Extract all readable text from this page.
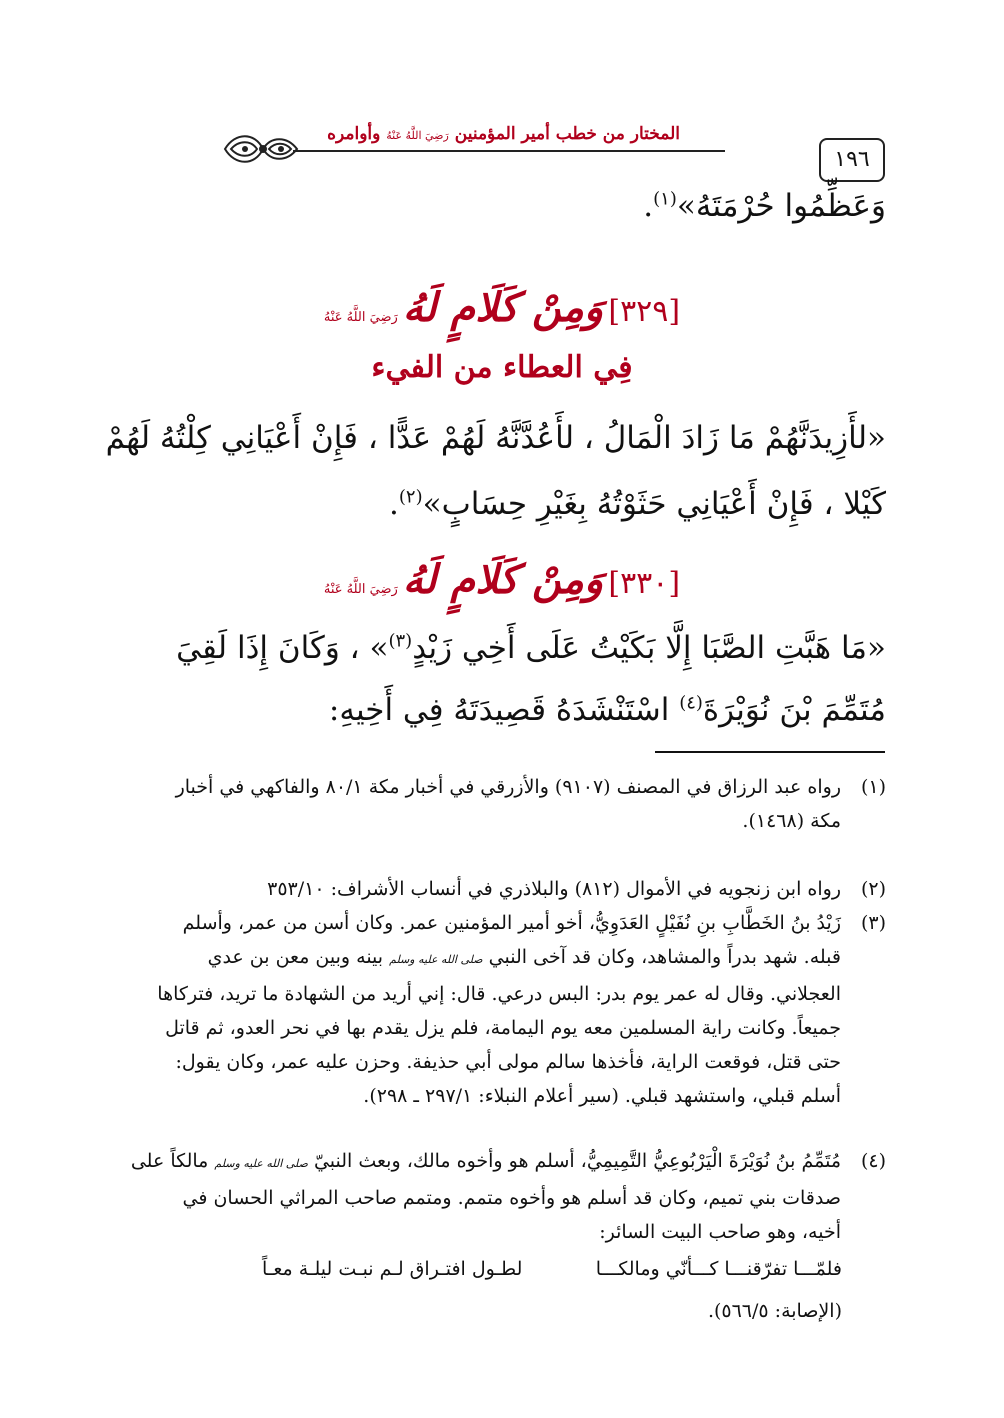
١٩٦
المختار من خطب أمير المؤمنين رَضِيَ اللَّهُ عَنْهُ وأوامره
وَعَظِّمُوا حُرْمَتَهُ»$^{(١)}$.
[٣٢٩] وَمِنْ كَلَامٍ لَهُ رَضِيَ اللَّهُ عَنْهُ
فِي العطاء من الفيء
«لأَزِيدَنَّهُمْ مَا زَادَ الْمَالُ ، لأَعُدَّنَّهُ لَهُمْ عَدًّا ، فَإِنْ أَعْيَانِي كِلْتُهُ لَهُمْ
كَيْلا ، فَإِنْ أَعْيَانِي حَثَوْتُهُ بِغَيْرِ حِسَابٍ»$^{(٢)}$.
[٣٣٠] وَمِنْ كَلَامٍ لَهُ رَضِيَ اللَّهُ عَنْهُ
«مَا هَبَّتِ الصَّبَا إِلَّا بَكَيْتُ عَلَى أَخِي زَيْدٍ$^{(٣)}$» ، وَكَانَ إِذَا لَقِيَ
مُتَمِّمَ بْنَ نُوَيْرَةَ$^{(٤)}$ اسْتَنْشَدَهُ قَصِيدَتَهُ فِي أَخِيهِ:
(١)
رواه عبد الرزاق في المصنف (٩١٠٧) والأزرقي في أخبار مكة ٨٠/١ والفاكهي في أخبار
مكة (١٤٦٨).
(٢)
رواه ابن زنجويه في الأموال (٨١٢) والبلاذري في أنساب الأشراف: ٣٥٣/١٠
(٣)
زَيْدُ بنُ الخَطَّابِ بنِ نُفَيْلٍ العَدَوِيُّ، أخو أمير المؤمنين عمر. وكان أسن من عمر، وأسلم
قبله. شهد بدراً والمشاهد، وكان قد آخى النبي صلى الله عليه وسلم بينه وبين معن بن عدي
العجلاني. وقال له عمر يوم بدر: البس درعي. قال: إني أريد من الشهادة ما تريد، فتركاها
جميعاً. وكانت راية المسلمين معه يوم اليمامة، فلم يزل يقدم بها في نحر العدو، ثم قاتل
حتى قتل، فوقعت الراية، فأخذها سالم مولى أبي حذيفة. وحزن عليه عمر، وكان يقول:
أسلم قبلي، واستشهد قبلي. (سير أعلام النبلاء: ٢٩٧/١ ـ ٢٩٨).
(٤)
مُتَمِّمُ بنُ نُوَيْرَةَ الْيَرْبُوعِيُّ التَّمِيمِيُّ، أسلم هو وأخوه مالك، وبعث النبيّ صلى الله عليه وسلم مالكاً على
صدقات بني تميم، وكان قد أسلم هو وأخوه متمم. ومتمم صاحب المراثي الحسان في
أخيه، وهو صاحب البيت السائر:
فلمّـــا تفرّقنـــا كـــأنّي ومالكـــا
لطـول افتـراق لـم نبـت ليلـة معـاً
(الإصابة: ٥٦٦/٥).
